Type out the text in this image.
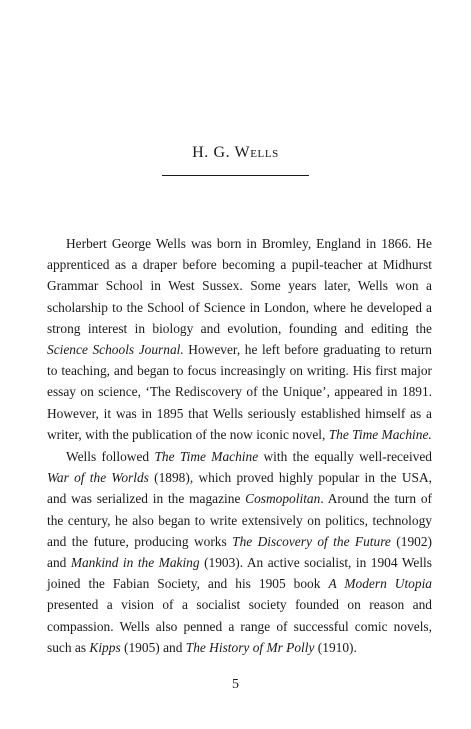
H. G. Wells

Herbert George Wells was born in Bromley, England in 1866. He apprenticed as a draper before becoming a pupil-teacher at Midhurst Grammar School in West Sussex. Some years later, Wells won a scholarship to the School of Science in London, where he developed a strong interest in biology and evolution, founding and editing the Science Schools Journal. However, he left before graduating to return to teaching, and began to focus increasingly on writing. His first major essay on science, ‘The Rediscovery of the Unique’, appeared in 1891. However, it was in 1895 that Wells seriously established himself as a writer, with the publication of the now iconic novel, The Time Machine.

Wells followed The Time Machine with the equally well-received War of the Worlds (1898), which proved highly popular in the USA, and was serialized in the magazine Cosmopolitan. Around the turn of the century, he also began to write extensively on politics, technology and the future, producing works The Discovery of the Future (1902) and Mankind in the Making (1903). An active socialist, in 1904 Wells joined the Fabian Society, and his 1905 book A Modern Utopia presented a vision of a socialist society founded on reason and compassion. Wells also penned a range of successful comic novels, such as Kipps (1905) and The History of Mr Polly (1910).

5
